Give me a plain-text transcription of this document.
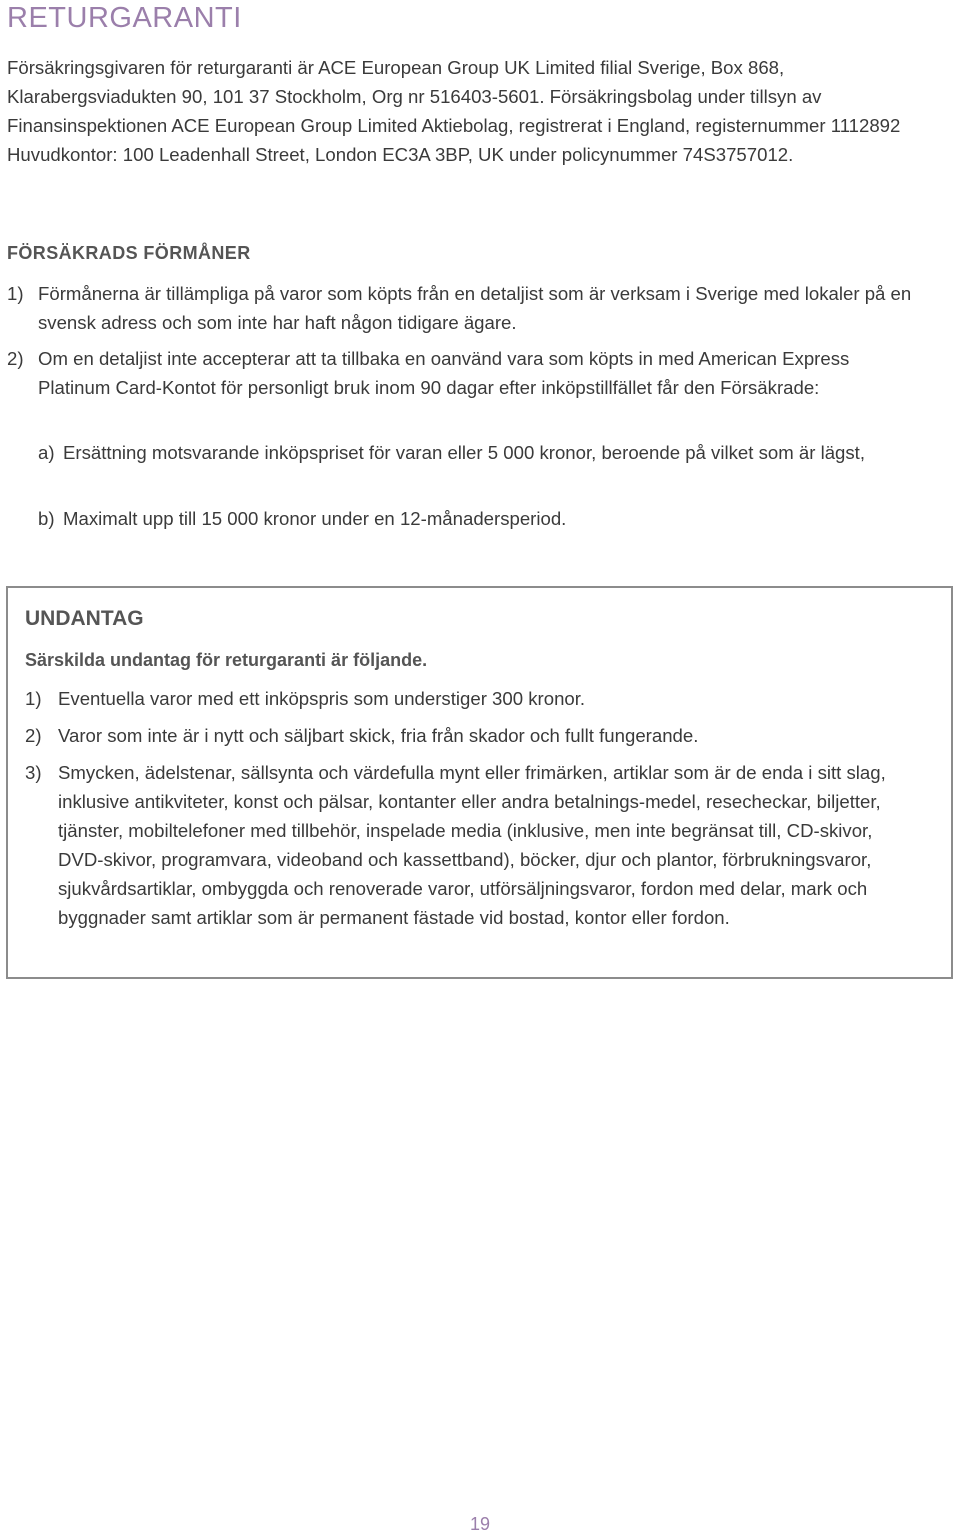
RETURGARANTI

Försäkringsgivaren för returgaranti är ACE European Group UK Limited filial Sverige, Box 868, Klarabergsviadukten 90, 101 37 Stockholm, Org nr 516403-5601. Försäkringsbolag under tillsyn av Finansinspektionen ACE European Group Limited Aktiebolag, registrerat i England, registernummer 1112892 Huvudkontor: 100 Leadenhall Street, London EC3A 3BP, UK under policynummer 74S3757012.

FÖRSÄKRADS FÖRMÅNER
1) Förmånerna är tillämpliga på varor som köpts från en detaljist som är verksam i Sverige med lokaler på en svensk adress och som inte har haft någon tidigare ägare.
2) Om en detaljist inte accepterar att ta tillbaka en oanvänd vara som köpts in med American Express Platinum Card-Kontot för personligt bruk inom 90 dagar efter inköpstillfället får den Försäkrade:
a) Ersättning motsvarande inköpspriset för varan eller 5 000 kronor, beroende på vilket som är lägst,
b) Maximalt upp till 15 000 kronor under en 12-månadersperiod.
UNDANTAG

Särskilda undantag för returgaranti är följande.

1) Eventuella varor med ett inköpspris som understiger 300 kronor.
2) Varor som inte är i nytt och säljbart skick, fria från skador och fullt fungerande.
3) Smycken, ädelstenar, sällsynta och värdefulla mynt eller frimärken, artiklar som är de enda i sitt slag, inklusive antikviteter, konst och pälsar, kontanter eller andra betalnings-medel, resecheckar, biljetter, tjänster, mobiltelefoner med tillbehör, inspelade media (inklusive, men inte begränsat till, CD-skivor, DVD-skivor, programvara, videoband och kassettband), böcker, djur och plantor, förbrukningsvaror, sjukvårdsartiklar, ombyggda och renoverade varor, utförsäljningsvaror, fordon med delar, mark och byggnader samt artiklar som är permanent fästade vid bostad, kontor eller fordon.
19
